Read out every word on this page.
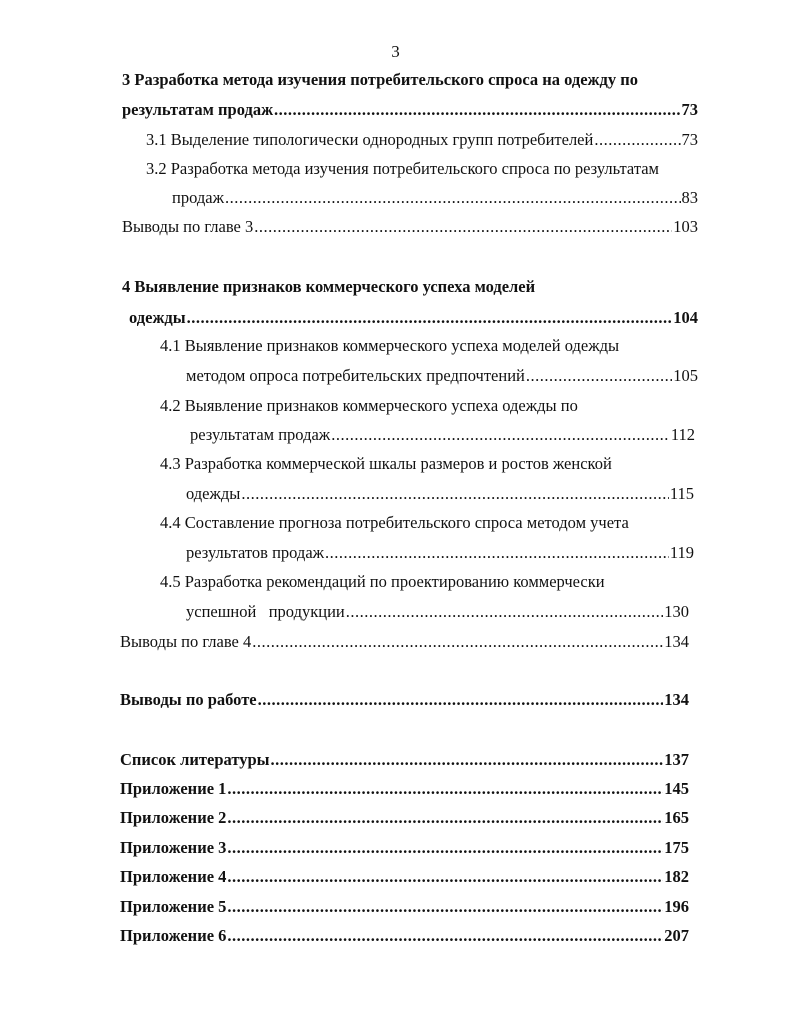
3
3 Разработка метода изучения потребительского спроса на одежду по
результатам продаж .....	73
3.1 Выделение типологически однородных групп потребителей .....	73
3.2 Разработка метода изучения потребительского спроса по результатам
продаж .....	83
Выводы по главе 3 .....	103
4 Выявление признаков коммерческого успеха моделей
одежды .....	104
4.1 Выявление признаков коммерческого успеха моделей одежды
методом опроса потребительских предпочтений .....	105
4.2 Выявление признаков коммерческого успеха одежды по
результатам продаж .....	112
4.3 Разработка коммерческой шкалы размеров и ростов женской
одежды .....	115
4.4 Составление прогноза потребительского спроса методом учета
результатов продаж .....	119
4.5 Разработка рекомендаций по проектированию коммерчески
успешной   продукции .....	130
Выводы по главе 4 .....	134
Выводы по работе .....	134
Список литературы .....	137
Приложение 1 .....	145
Приложение 2 .....	165
Приложение 3 .....	175
Приложение 4 .....	182
Приложение 5 .....	196
Приложение 6 .....	207
